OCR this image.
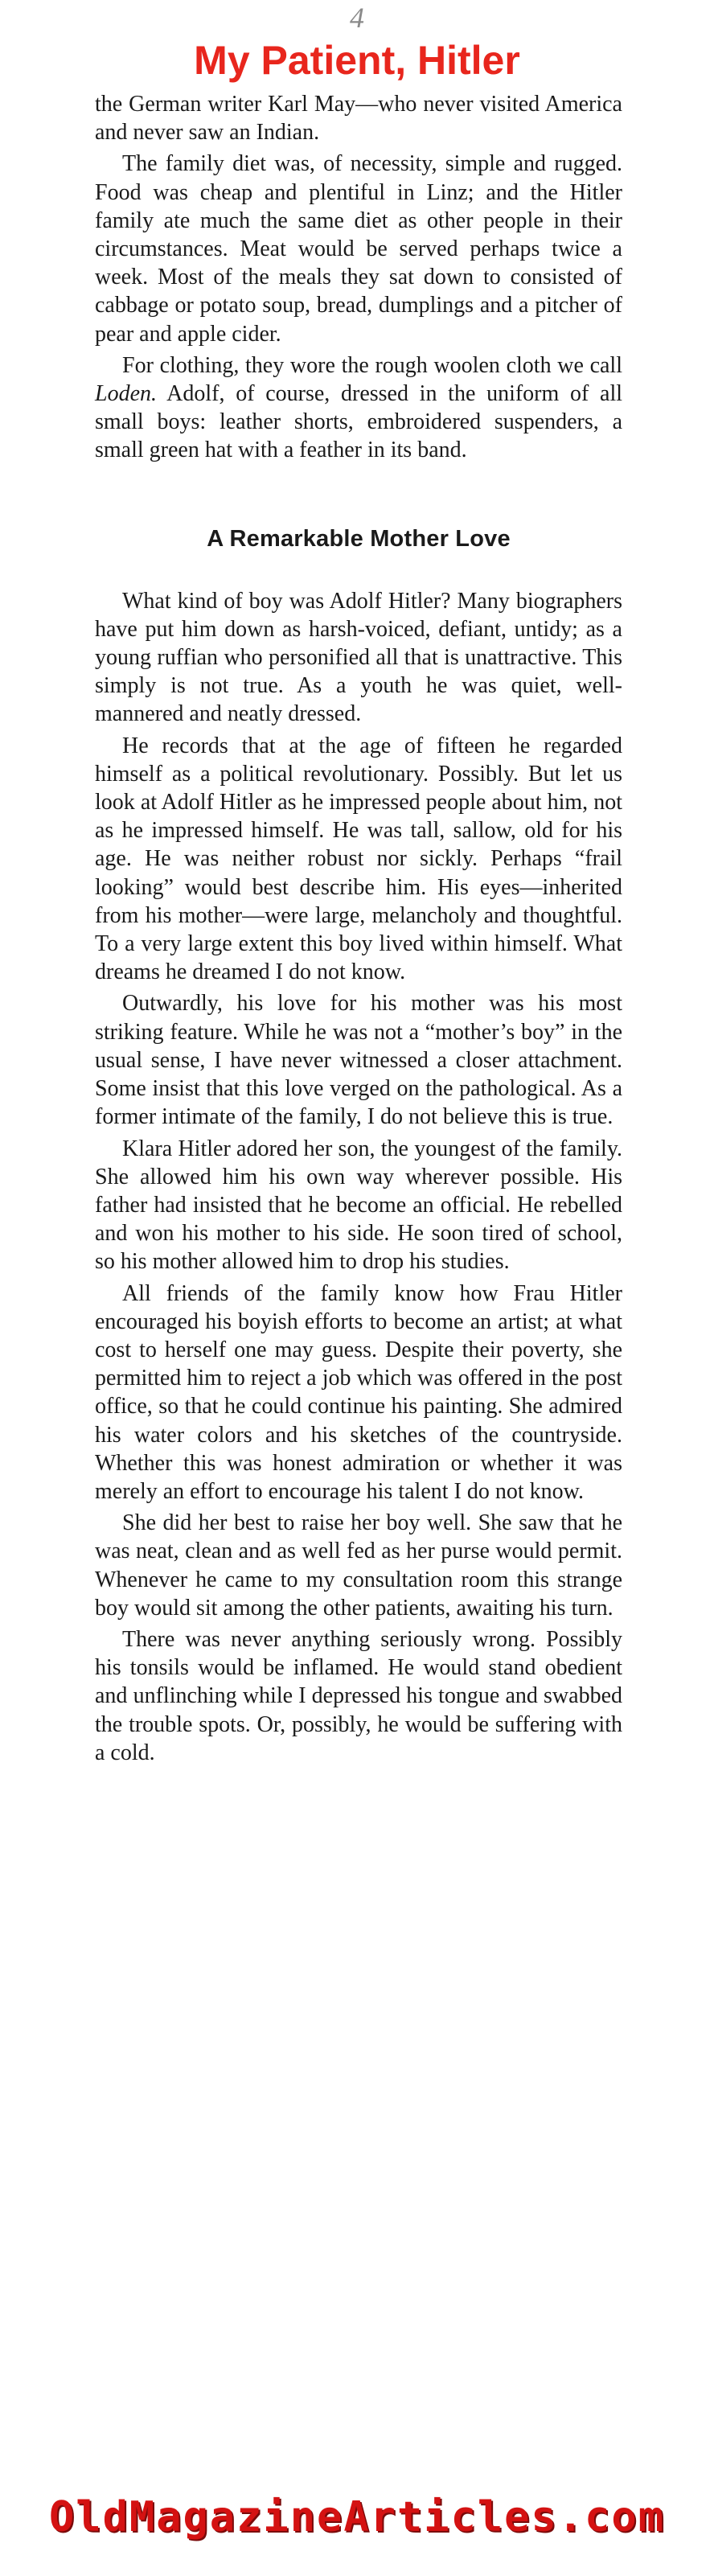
4
My Patient, Hitler

the German writer Karl May—who never visited America and never saw an Indian.

The family diet was, of necessity, simple and rugged. Food was cheap and plentiful in Linz; and the Hitler family ate much the same diet as other people in their circumstances. Meat would be served perhaps twice a week. Most of the meals they sat down to consisted of cabbage or potato soup, bread, dumplings and a pitcher of pear and apple cider.

For clothing, they wore the rough woolen cloth we call Loden. Adolf, of course, dressed in the uniform of all small boys: leather shorts, embroidered suspenders, a small green hat with a feather in its band.

A Remarkable Mother Love

What kind of boy was Adolf Hitler? Many biographers have put him down as harsh-voiced, defiant, untidy; as a young ruffian who personified all that is unattractive. This simply is not true. As a youth he was quiet, well-mannered and neatly dressed.

He records that at the age of fifteen he regarded himself as a political revolutionary. Possibly. But let us look at Adolf Hitler as he impressed people about him, not as he impressed himself. He was tall, sallow, old for his age. He was neither robust nor sickly. Perhaps “frail looking” would best describe him. His eyes—inherited from his mother—were large, melancholy and thoughtful. To a very large extent this boy lived within himself. What dreams he dreamed I do not know.

Outwardly, his love for his mother was his most striking feature. While he was not a “mother’s boy” in the usual sense, I have never witnessed a closer attachment. Some insist that this love verged on the pathological. As a former intimate of the family, I do not believe this is true.

Klara Hitler adored her son, the youngest of the family. She allowed him his own way wherever possible. His father had insisted that he become an official. He rebelled and won his mother to his side. He soon tired of school, so his mother allowed him to drop his studies.

All friends of the family know how Frau Hitler encouraged his boyish efforts to become an artist; at what cost to herself one may guess. Despite their poverty, she permitted him to reject a job which was offered in the post office, so that he could continue his painting. She admired his water colors and his sketches of the countryside. Whether this was honest admiration or whether it was merely an effort to encourage his talent I do not know.

She did her best to raise her boy well. She saw that he was neat, clean and as well fed as her purse would permit. Whenever he came to my consultation room this strange boy would sit among the other patients, awaiting his turn.

There was never anything seriously wrong. Possibly his tonsils would be inflamed. He would stand obedient and unflinching while I depressed his tongue and swabbed the trouble spots. Or, possibly, he would be suffering with a cold.

OldMagazineArticles.com
